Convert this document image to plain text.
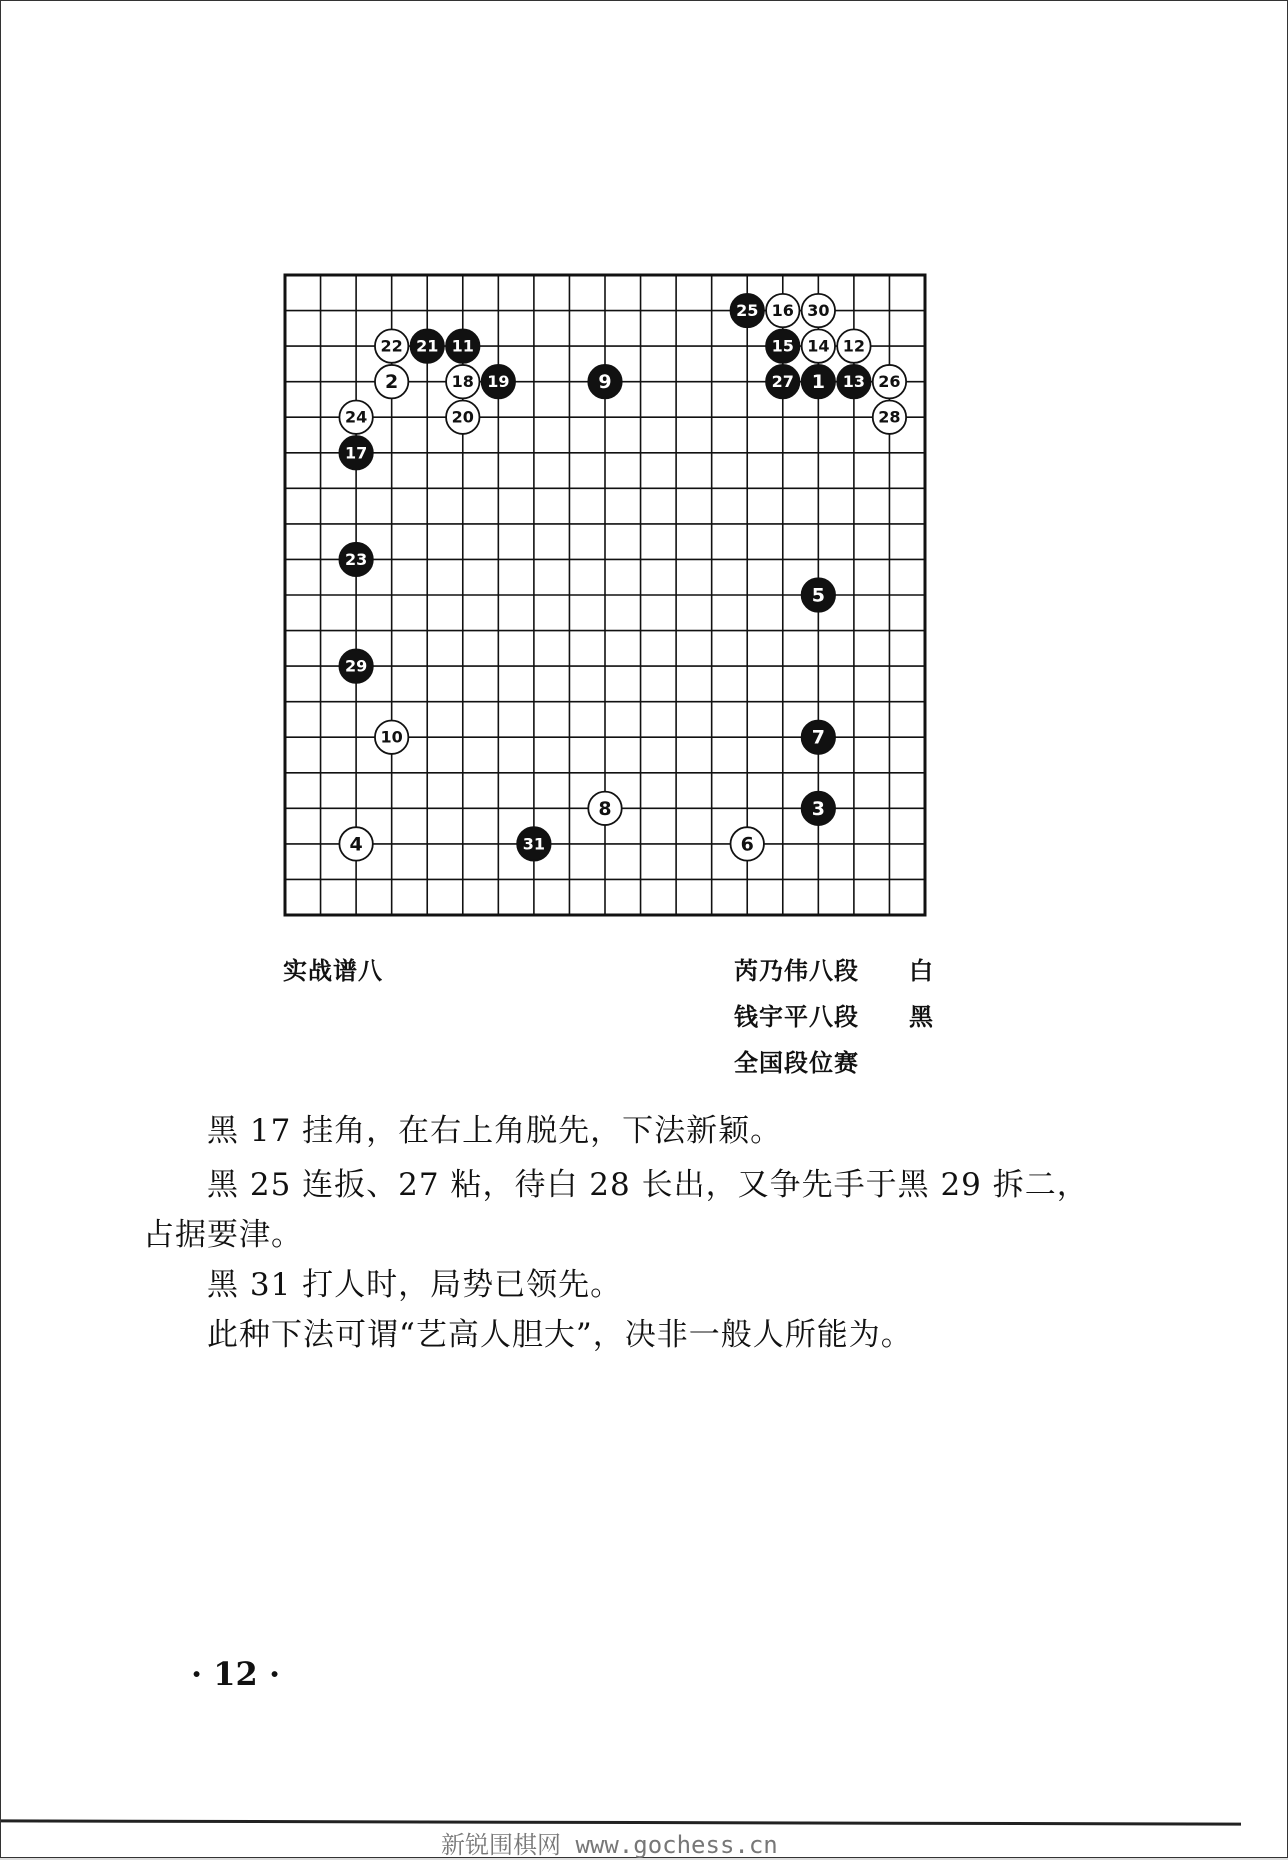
1
2
3
4
5
6
7
8
9
10
11	12
13
14
15
16
17
18 19
20
21
22
23
24
25
26
27
28
29
30
31
实战谱八	芮乃伟八段 白
钱宇平八段 黑
全国段位赛
黑 17 挂角，在右上角脱先，下法新颖。
黑 25 连扳、27 粘，待白 28 长出，又争先手于黑 29 拆二，
占据要津。
黑 31 打人时，局势已领先。
此种下法可谓“艺高人胆大”，决非一般人所能为。
· 12 ·
新锐围棋网 www.gochess.cn
